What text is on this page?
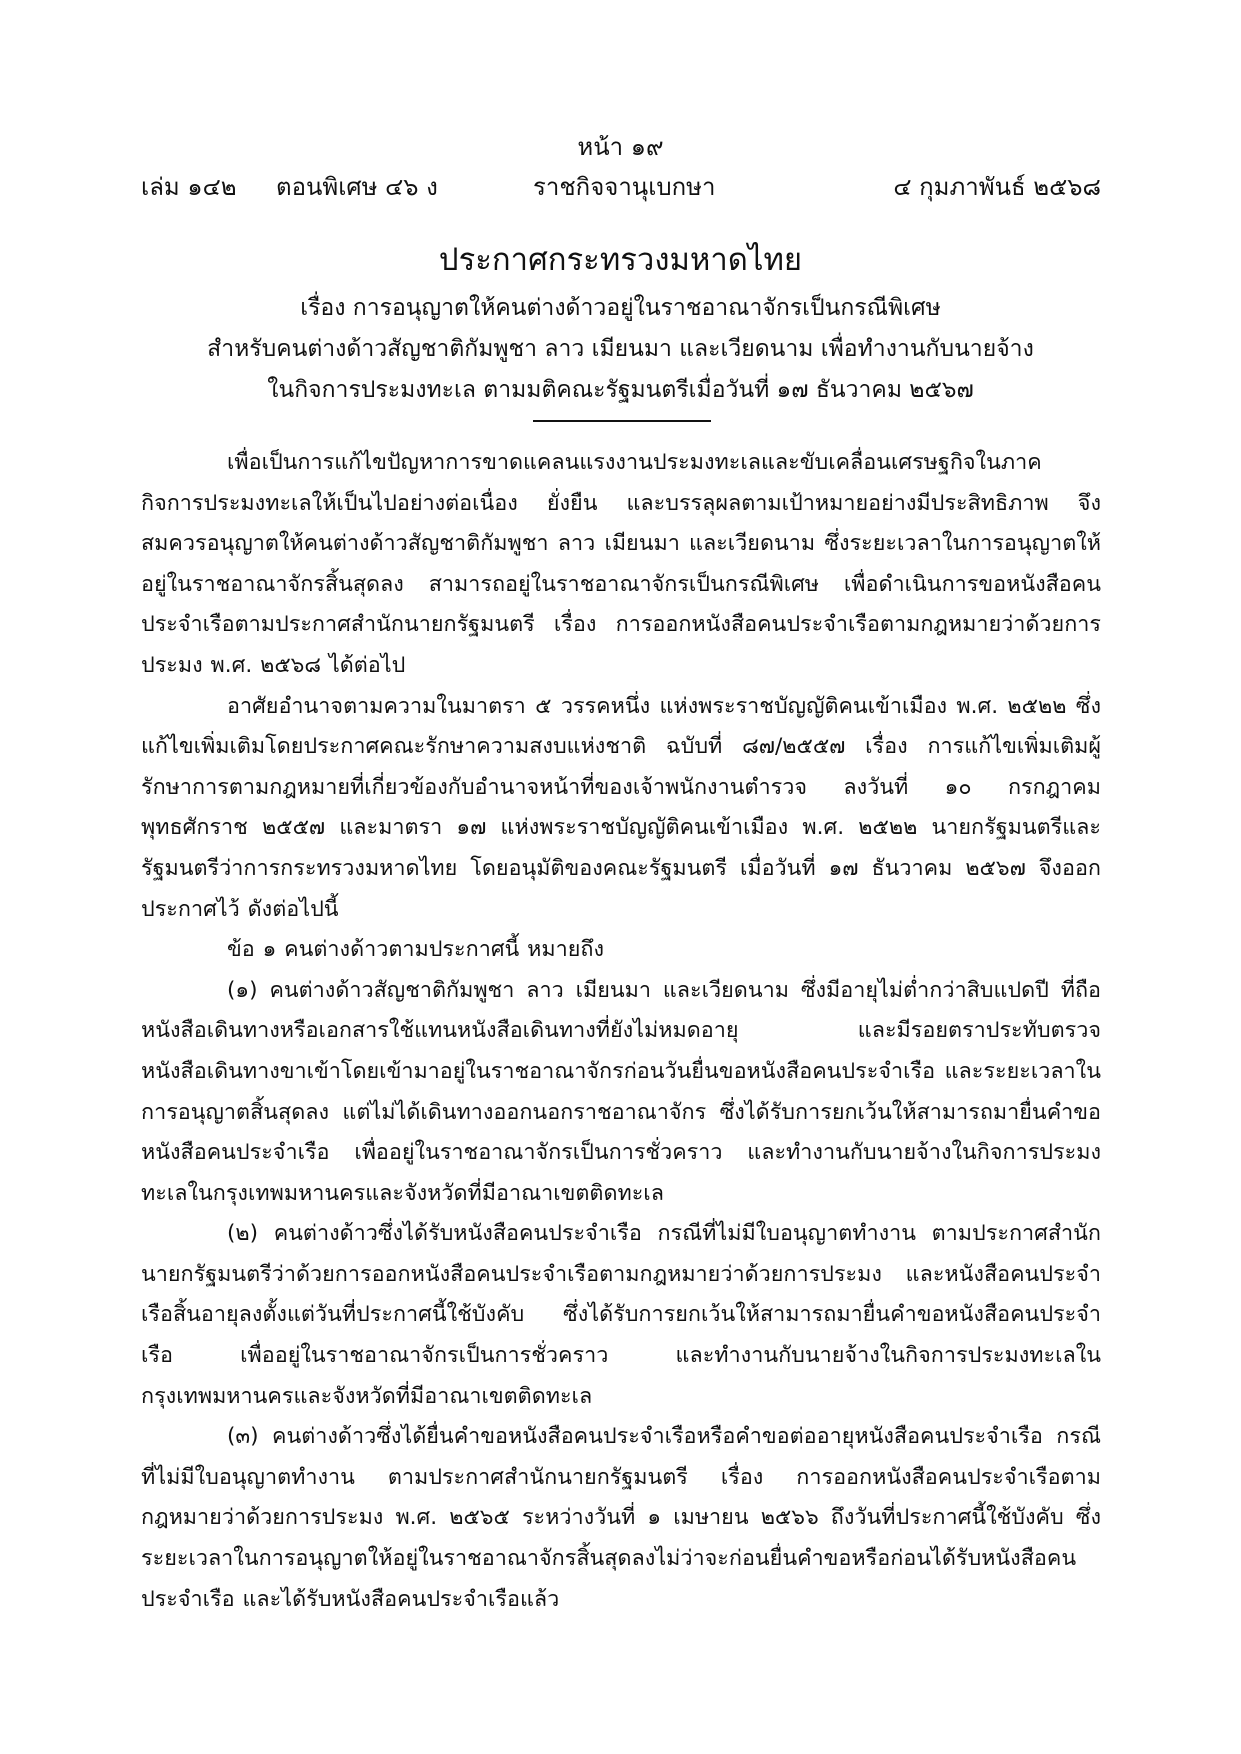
หน้า ๑๙
เล่ม ๑๔๒ ตอนพิเศษ ๔๖ ง	ราชกิจจานุเบกษา	๔ กุมภาพันธ์ ๒๕๖๘
ประกาศกระทรวงมหาดไทย
เรื่อง การอนุญาตให้คนต่างด้าวอยู่ในราชอาณาจักรเป็นกรณีพิเศษ
สำหรับคนต่างด้าวสัญชาติกัมพูชา ลาว เมียนมา และเวียดนาม เพื่อทำงานกับนายจ้าง
ในกิจการประมงทะเล ตามมติคณะรัฐมนตรีเมื่อวันที่ ๑๗ ธันวาคม ๒๕๖๗

เพื่อเป็นการแก้ไขปัญหาการขาดแคลนแรงงานประมงทะเลและขับเคลื่อนเศรษฐกิจในภาคกิจการประมงทะเลให้เป็นไปอย่างต่อเนื่อง ยั่งยืน และบรรลุผลตามเป้าหมายอย่างมีประสิทธิภาพ จึงสมควรอนุญาตให้คนต่างด้าวสัญชาติกัมพูชา ลาว เมียนมา และเวียดนาม ซึ่งระยะเวลาในการอนุญาตให้อยู่ในราชอาณาจักรสิ้นสุดลง สามารถอยู่ในราชอาณาจักรเป็นกรณีพิเศษ เพื่อดำเนินการขอหนังสือคนประจำเรือตามประกาศสำนักนายกรัฐมนตรี เรื่อง การออกหนังสือคนประจำเรือตามกฎหมายว่าด้วยการประมง พ.ศ. ๒๕๖๘ ได้ต่อไป

อาศัยอำนาจตามความในมาตรา ๕ วรรคหนึ่ง แห่งพระราชบัญญัติคนเข้าเมือง พ.ศ. ๒๕๒๒ ซึ่งแก้ไขเพิ่มเติมโดยประกาศคณะรักษาความสงบแห่งชาติ ฉบับที่ ๘๗/๒๕๕๗ เรื่อง การแก้ไขเพิ่มเติมผู้รักษาการตามกฎหมายที่เกี่ยวข้องกับอำนาจหน้าที่ของเจ้าพนักงานตำรวจ ลงวันที่ ๑๐ กรกฎาคม พุทธศักราช ๒๕๕๗ และมาตรา ๑๗ แห่งพระราชบัญญัติคนเข้าเมือง พ.ศ. ๒๕๒๒ นายกรัฐมนตรีและรัฐมนตรีว่าการกระทรวงมหาดไทย โดยอนุมัติของคณะรัฐมนตรี เมื่อวันที่ ๑๗ ธันวาคม ๒๕๖๗ จึงออกประกาศไว้ ดังต่อไปนี้

ข้อ ๑ คนต่างด้าวตามประกาศนี้ หมายถึง

(๑) คนต่างด้าวสัญชาติกัมพูชา ลาว เมียนมา และเวียดนาม ซึ่งมีอายุไม่ต่ำกว่าสิบแปดปี ที่ถือหนังสือเดินทางหรือเอกสารใช้แทนหนังสือเดินทางที่ยังไม่หมดอายุ และมีรอยตราประทับตรวจหนังสือเดินทางขาเข้าโดยเข้ามาอยู่ในราชอาณาจักรก่อนวันยื่นขอหนังสือคนประจำเรือ และระยะเวลาในการอนุญาตสิ้นสุดลง แต่ไม่ได้เดินทางออกนอกราชอาณาจักร ซึ่งได้รับการยกเว้นให้สามารถมายื่นคำขอหนังสือคนประจำเรือ เพื่ออยู่ในราชอาณาจักรเป็นการชั่วคราว และทำงานกับนายจ้างในกิจการประมงทะเลในกรุงเทพมหานครและจังหวัดที่มีอาณาเขตติดทะเล

(๒) คนต่างด้าวซึ่งได้รับหนังสือคนประจำเรือ กรณีที่ไม่มีใบอนุญาตทำงาน ตามประกาศสำนักนายกรัฐมนตรีว่าด้วยการออกหนังสือคนประจำเรือตามกฎหมายว่าด้วยการประมง และหนังสือคนประจำเรือสิ้นอายุลงตั้งแต่วันที่ประกาศนี้ใช้บังคับ ซึ่งได้รับการยกเว้นให้สามารถมายื่นคำขอหนังสือคนประจำเรือ เพื่ออยู่ในราชอาณาจักรเป็นการชั่วคราว และทำงานกับนายจ้างในกิจการประมงทะเลในกรุงเทพมหานครและจังหวัดที่มีอาณาเขตติดทะเล

(๓) คนต่างด้าวซึ่งได้ยื่นคำขอหนังสือคนประจำเรือหรือคำขอต่ออายุหนังสือคนประจำเรือ กรณีที่ไม่มีใบอนุญาตทำงาน ตามประกาศสำนักนายกรัฐมนตรี เรื่อง การออกหนังสือคนประจำเรือตามกฎหมายว่าด้วยการประมง พ.ศ. ๒๕๖๕ ระหว่างวันที่ ๑ เมษายน ๒๕๖๖ ถึงวันที่ประกาศนี้ใช้บังคับ ซึ่งระยะเวลาในการอนุญาตให้อยู่ในราชอาณาจักรสิ้นสุดลงไม่ว่าจะก่อนยื่นคำขอหรือก่อนได้รับหนังสือคนประจำเรือ และได้รับหนังสือคนประจำเรือแล้ว
